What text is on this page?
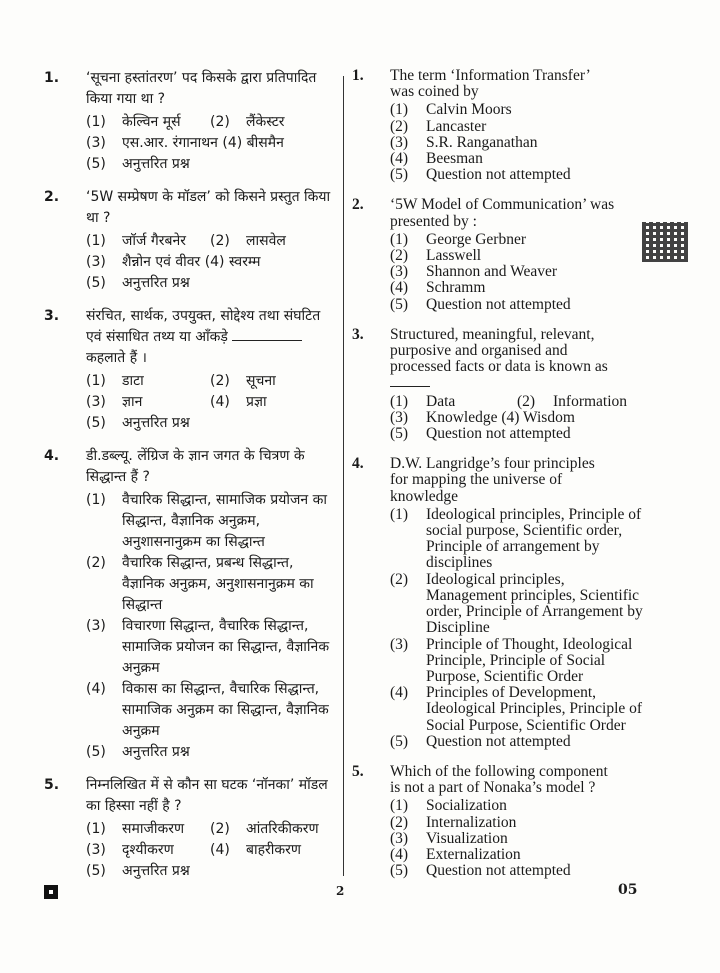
1. ‘सूचना हस्तांतरण’ पद किसके द्वारा प्रतिपादित
किया गया था ?
(1)	केल्विन मूर्स (2)	लैंकेस्टर
(3)	एस.आर. रंगानाथन (4) बीसमैन
(5)	अनुत्तरित प्रश्न
2. ‘5W सम्प्रेषण के मॉडल’ को किसने प्रस्तुत किया
था ?
(1)	जॉर्ज गैरबनेर (2)	लासवेल
(3)	शैन्नोन एवं वीवर (4) स्वरम्म
(5)	अनुत्तरित प्रश्न
3. संरचित, सार्थक, उपयुक्त, सोद्देश्य तथा संघटित
एवं संसाधित तथ्य या आँकड़े
कहलाते हैं ।
(1)	डाटा	(2)	सूचना
(3)	ज्ञान	(4)	प्रज्ञा
(5)	अनुत्तरित प्रश्न
4. डी.डब्ल्यू. लेंग्रिज के ज्ञान जगत के चित्रण के
सिद्धान्त हैं ?
(1)	वैचारिक सिद्धान्त, सामाजिक प्रयोजन का सिद्धान्त, वैज्ञानिक अनुक्रम, अनुशासनानुक्रम का सिद्धान्त
(2)	वैचारिक सिद्धान्त, प्रबन्ध सिद्धान्त, वैज्ञानिक अनुक्रम, अनुशासनानुक्रम का सिद्धान्त
(3)	विचारणा सिद्धान्त, वैचारिक सिद्धान्त, सामाजिक प्रयोजन का सिद्धान्त, वैज्ञानिक अनुक्रम
(4)	विकास का सिद्धान्त, वैचारिक सिद्धान्त, सामाजिक अनुक्रम का सिद्धान्त, वैज्ञानिक अनुक्रम
(5)	अनुत्तरित प्रश्न
5. निम्नलिखित में से कौन सा घटक ‘नॉनका’ मॉडल
का हिस्सा नहीं है ?
(1)	समाजीकरण (2)	आंतरिकीकरण
(3)	दृश्यीकरण	(4)	बाहरीकरण
(5)	अनुत्तरित प्रश्न
1. The term ‘Information Transfer’
was coined by
(1)	Calvin Moors
(2)	Lancaster
(3)	S.R. Ranganathan
(4)	Beesman
(5)	Question not attempted
2. ‘5W Model of Communication’ was
presented by :
(1)	George Gerbner
(2)	Lasswell
(3)	Shannon and Weaver
(4)	Schramm
(5)	Question not attempted
3. Structured, meaningful, relevant,
purposive and organised and
processed facts or data is known as
(1)	Data	(2)	Information
(3)	Knowledge (4) Wisdom
(5)	Question not attempted
4. D.W. Langridge’s four principles
for mapping the universe of
knowledge
(1)	Ideological principles, Principle of social purpose, Scientific order, Principle of arrangement by disciplines
(2)	Ideological principles, Management principles, Scientific order, Principle of Arrangement by Discipline
(3)	Principle of Thought, Ideological Principle, Principle of Social Purpose, Scientific Order
(4)	Principles of Development, Ideological Principles, Principle of Social Purpose, Scientific Order
(5)	Question not attempted
5. Which of the following component
is not a part of Nonaka’s model ?
(1)	Socialization
(2)	Internalization
(3)	Visualization
(4)	Externalization
(5)	Question not attempted
2	05
